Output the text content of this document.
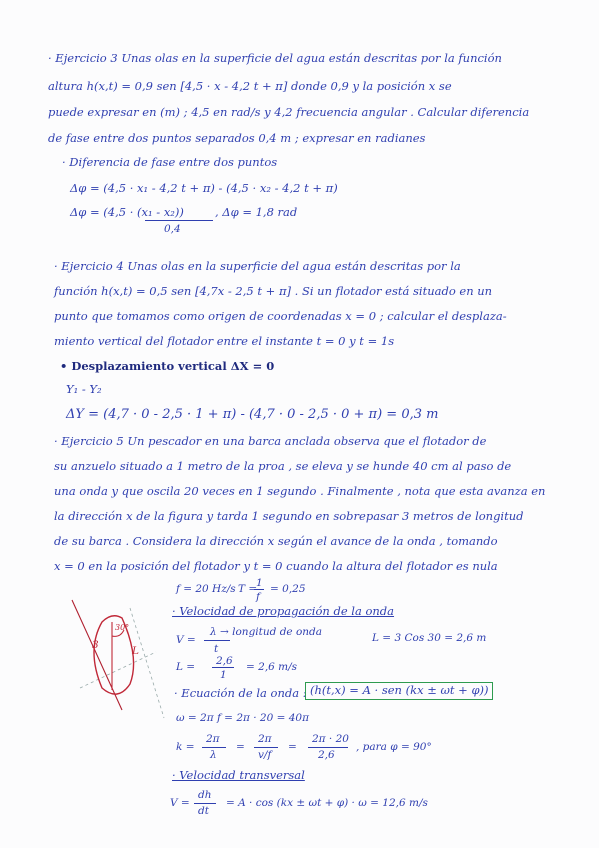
· Ejercicio 3 Unas olas en la superficie del agua están descritas por la función
altura h(x,t) = 0,9 sen [4,5 · x - 4,2 t + π] donde 0,9 y la posición x se
puede expresar en (m) ; 4,5 en rad/s y 4,2 frecuencia angular . Calcular diferencia
de fase entre dos puntos separados 0,4 m ; expresar en radianes
· Diferencia de fase entre dos puntos
Δφ = (4,5 · x₁ - 4,2 t + π) - (4,5 · x₂ - 4,2 t + π)
Δφ = (4,5 · (x₁ - x₂))
0,4
, Δφ = 1,8 rad
· Ejercicio 4 Unas olas en la superficie del agua están descritas por la
función h(x,t) = 0,5 sen [4,7x - 2,5 t + π] . Si un flotador está situado en un
punto que tomamos como origen de coordenadas x = 0 ; calcular el desplaza-
miento vertical del flotador entre el instante t = 0 y t = 1s
• Desplazamiento vertical ΔX = 0
Y₁ - Y₂
ΔY = (4,7 · 0 - 2,5 · 1 + π) - (4,7 · 0 - 2,5 · 0 + π) = 0,3 m
· Ejercicio 5 Un pescador en una barca anclada observa que el flotador de
su anzuelo situado a 1 metro de la proa , se eleva y se hunde 40 cm al paso de
una onda y que oscila 20 veces en 1 segundo . Finalmente , nota que esta avanza en
la dirección x de la figura y tarda 1 segundo en sobrepasar 3 metros de longitud
de su barca . Considera la dirección x según el avance de la onda , tomando
x = 0 en la posición del flotador y t = 0 cuando la altura del flotador es nula
3
30°
L
f = 20 Hz/s T =
1
f
= 0,25
· Velocidad de propagación de la onda
V =
λ → longitud de onda
t
L = 3 Cos 30 = 2,6 m
L = 2,6
1
= 2,6 m/s
· Ecuación de la onda : (h(t,x) = A · sen (kx ± ωt + φ))
ω = 2π f = 2π · 20 = 40π
k =
2π
λ
=
2π
v/f
=
2π · 20
2,6
, para φ = 90°
· Velocidad transversal
V =
dh
dt
= A · cos (kx ± ωt + φ) · ω = 12,6 m/s
